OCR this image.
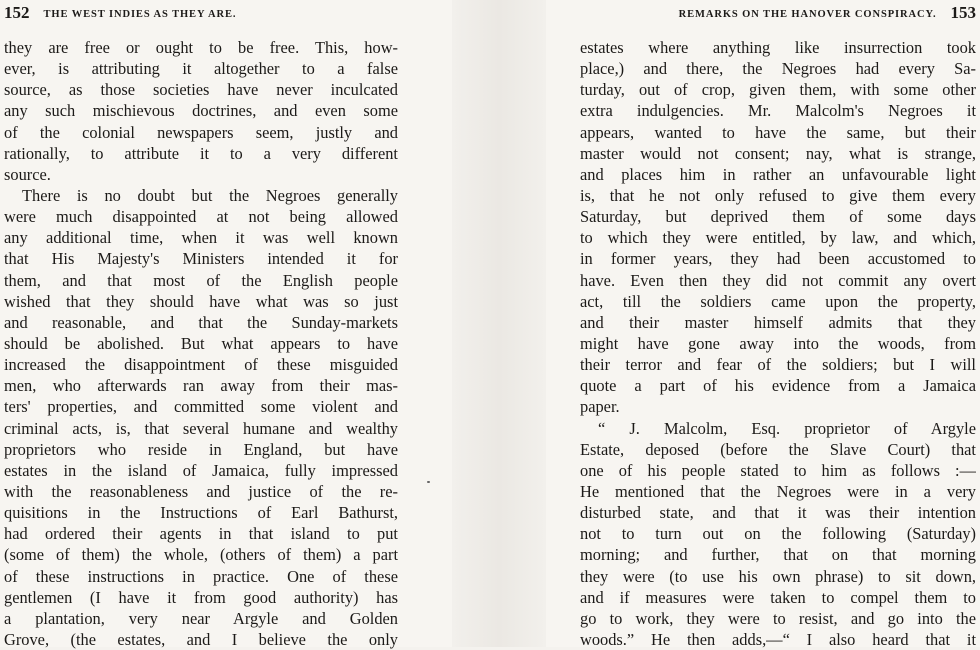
152 THE WEST INDIES AS THEY ARE.
they are free or ought to be free. This, how-
ever, is attributing it altogether to a false
source, as those societies have never inculcated
any such mischievous doctrines, and even some
of the colonial newspapers seem, justly and
rationally, to attribute it to a very different
source.
There is no doubt but the Negroes generally
were much disappointed at not being allowed
any additional time, when it was well known
that His Majesty's Ministers intended it for
them, and that most of the English people
wished that they should have what was so just
and reasonable, and that the Sunday-markets
should be abolished. But what appears to have
increased the disappointment of these misguided
men, who afterwards ran away from their mas-
ters' properties, and committed some violent and
criminal acts, is, that several humane and wealthy
proprietors who reside in England, but have
estates in the island of Jamaica, fully impressed
with the reasonableness and justice of the re-
quisitions in the Instructions of Earl Bathurst,
had ordered their agents in that island to put
(some of them) the whole, (others of them) a part
of these instructions in practice. One of these
gentlemen (I have it from good authority) has
a plantation, very near Argyle and Golden
Grove, (the estates, and I believe the only
REMARKS ON THE HANOVER CONSPIRACY. 153
estates where anything like insurrection took
place,) and there, the Negroes had every Sa-
turday, out of crop, given them, with some other
extra indulgencies. Mr. Malcolm's Negroes it
appears, wanted to have the same, but their
master would not consent; nay, what is strange,
and places him in rather an unfavourable light
is, that he not only refused to give them every
Saturday, but deprived them of some days
to which they were entitled, by law, and which,
in former years, they had been accustomed to
have. Even then they did not commit any overt
act, till the soldiers came upon the property,
and their master himself admits that they
might have gone away into the woods, from
their terror and fear of the soldiers; but I will
quote a part of his evidence from a Jamaica
paper.
“ J. Malcolm, Esq. proprietor of Argyle
Estate, deposed (before the Slave Court) that
one of his people stated to him as follows :—
He mentioned that the Negroes were in a very
disturbed state, and that it was their intention
not to turn out on the following (Saturday)
morning; and further, that on that morning
they were (to use his own phrase) to sit down,
and if measures were taken to compel them to
go to work, they were to resist, and go into the
woods.” He then adds,—“ I also heard that it
